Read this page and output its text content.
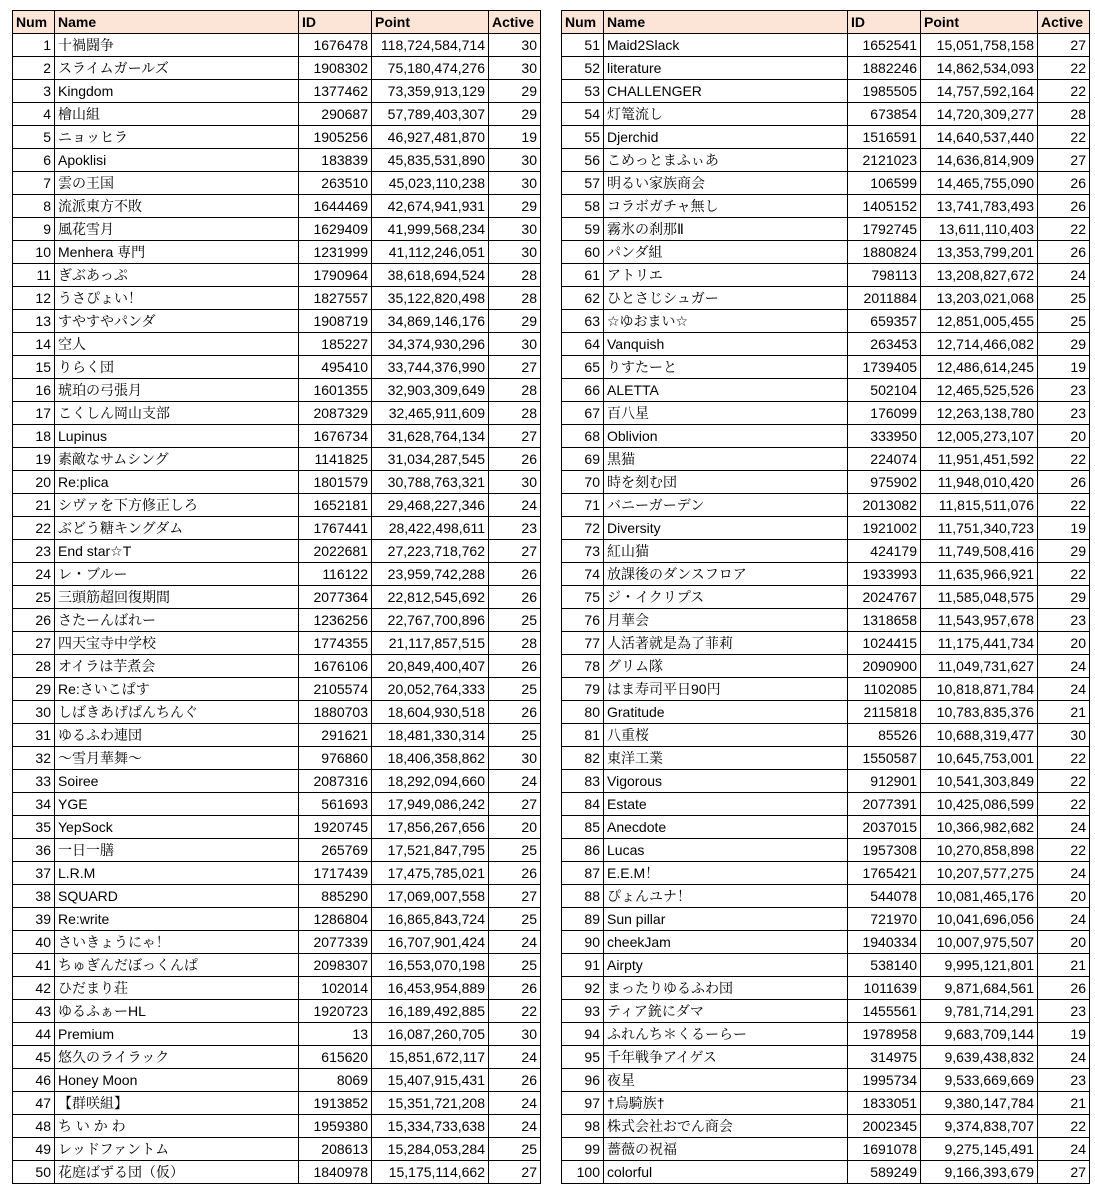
Num	Name	ID	Point	Active
1	十禍闘争	1676478	118,724,584,714	30
2	スライムガールズ	1908302	75,180,474,276	30
3	Kingdom	1377462	73,359,913,129	29
4	檜山組	290687	57,789,403,307	29
5	ニョッヒラ	1905256	46,927,481,870	19
6	Apoklisi	183839	45,835,531,890	30
7	雲の王国	263510	45,023,110,238	30
8	流派東方不敗	1644469	42,674,941,931	29
9	風花雪月	1629409	41,999,568,234	30
10	Menhera 専門	1231999	41,112,246,051	30
11	ぎぶあっぷ	1790964	38,618,694,524	28
12	うさぴょい！	1827557	35,122,820,498	28
13	すやすやパンダ	1908719	34,869,146,176	29
14	空人	185227	34,374,930,296	30
15	りらく団	495410	33,744,376,990	27
16	琥珀の弓張月	1601355	32,903,309,649	28
17	こくしん岡山支部	2087329	32,465,911,609	28
18	Lupinus	1676734	31,628,764,134	27
19	素敵なサムシング	1141825	31,034,287,545	26
20	Re:plica	1801579	30,788,763,321	30
21	シヴァを下方修正しろ	1652181	29,468,227,346	24
22	ぶどう糖キングダム	1767441	28,422,498,611	23
23	End star☆T	2022681	27,223,718,762	27
24	レ・ブルー	116122	23,959,742,288	26
25	三頭筋超回復期間	2077364	22,812,545,692	26
26	さたーんばれー	1236256	22,767,700,896	25
27	四天宝寺中学校	1774355	21,117,857,515	28
28	オイラは芋煮会	1676106	20,849,400,407	26
29	Re:さいこぱす	2105574	20,052,764,333	25
30	しばきあげぱんちんぐ	1880703	18,604,930,518	26
31	ゆるふわ連団	291621	18,481,330,314	25
32	〜雪月華舞〜	976860	18,406,358,862	30
33	Soiree	2087316	18,292,094,660	24
34	YGE	561693	17,949,086,242	27
35	YepSock	1920745	17,856,267,656	20
36	一日一膳	265769	17,521,847,795	25
37	L.R.M	1717439	17,475,785,021	26
38	SQUARD	885290	17,069,007,558	27
39	Re:write	1286804	16,865,843,724	25
40	さいきょうにゃ！	2077339	16,707,901,424	24
41	ちゅぎんだぼっくんぱ	2098307	16,553,070,198	25
42	ひだまり荘	102014	16,453,954,889	26
43	ゆるふぁーHL	1920723	16,189,492,885	22
44	Premium	13	16,087,260,705	30
45	悠久のライラック	615620	15,851,672,117	24
46	Honey Moon	8069	15,407,915,431	26
47	【群咲組】	1913852	15,351,721,208	24
48	ち い か わ	1959380	15,334,733,638	24
49	レッドファントム	208613	15,284,053,284	25
50	花庭ばずる団（仮）	1840978	15,175,114,662	27
Num	Name	ID	Point	Active
51	Maid2Slack	1652541	15,051,758,158	27
52	literature	1882246	14,862,534,093	22
53	CHALLENGER	1985505	14,757,592,164	22
54	灯篭流し	673854	14,720,309,277	28
55	Djerchid	1516591	14,640,537,440	22
56	こめっとまふぃあ	2121023	14,636,814,909	27
57	明るい家族商会	106599	14,465,755,090	26
58	コラボガチャ無し	1405152	13,741,783,493	26
59	霧氷の刹那Ⅱ	1792745	13,611,110,403	22
60	パンダ組	1880824	13,353,799,201	26
61	アトリエ	798113	13,208,827,672	24
62	ひとさじシュガー	2011884	13,203,021,068	25
63	☆ゆおまい☆	659357	12,851,005,455	25
64	Vanquish	263453	12,714,466,082	29
65	りすたーと	1739405	12,486,614,245	19
66	ALETTA	502104	12,465,525,526	23
67	百八星	176099	12,263,138,780	23
68	Oblivion	333950	12,005,273,107	20
69	黒猫	224074	11,951,451,592	22
70	時を刻む団	975902	11,948,010,420	26
71	バニーガーデン	2013082	11,815,511,076	22
72	Diversity	1921002	11,751,340,723	19
73	紅山猫	424179	11,749,508,416	29
74	放課後のダンスフロア	1933993	11,635,966,921	22
75	ジ・イクリプス	2024767	11,585,048,575	29
76	月華会	1318658	11,543,957,678	23
77	人活著就是為了菲莉	1024415	11,175,441,734	20
78	グリム隊	2090900	11,049,731,627	24
79	はま寿司平日90円	1102085	10,818,871,784	24
80	Gratitude	2115818	10,783,835,376	21
81	八重桜	85526	10,688,319,477	30
82	東洋工業	1550587	10,645,753,001	22
83	Vigorous	912901	10,541,303,849	22
84	Estate	2077391	10,425,086,599	22
85	Anecdote	2037015	10,366,982,682	24
86	Lucas	1957308	10,270,858,898	22
87	E.E.M！	1765421	10,207,577,275	24
88	ぴょんユナ！	544078	10,081,465,176	20
89	Sun pillar	721970	10,041,696,056	24
90	cheekJam	1940334	10,007,975,507	20
91	Airpty	538140	9,995,121,801	21
92	まったりゆるふわ団	1011639	9,871,684,561	26
93	ティア銃にダマ	1455561	9,781,714,291	23
94	ふれんち＊くるーらー	1978958	9,683,709,144	19
95	千年戦争アイゲス	314975	9,639,438,832	24
96	夜星	1995734	9,533,669,669	23
97	†烏騎族†	1833051	9,380,147,784	21
98	株式会社おでん商会	2002345	9,374,838,707	22
99	薔薇の祝福	1691078	9,275,145,491	24
100	colorful	589249	9,166,393,679	27
